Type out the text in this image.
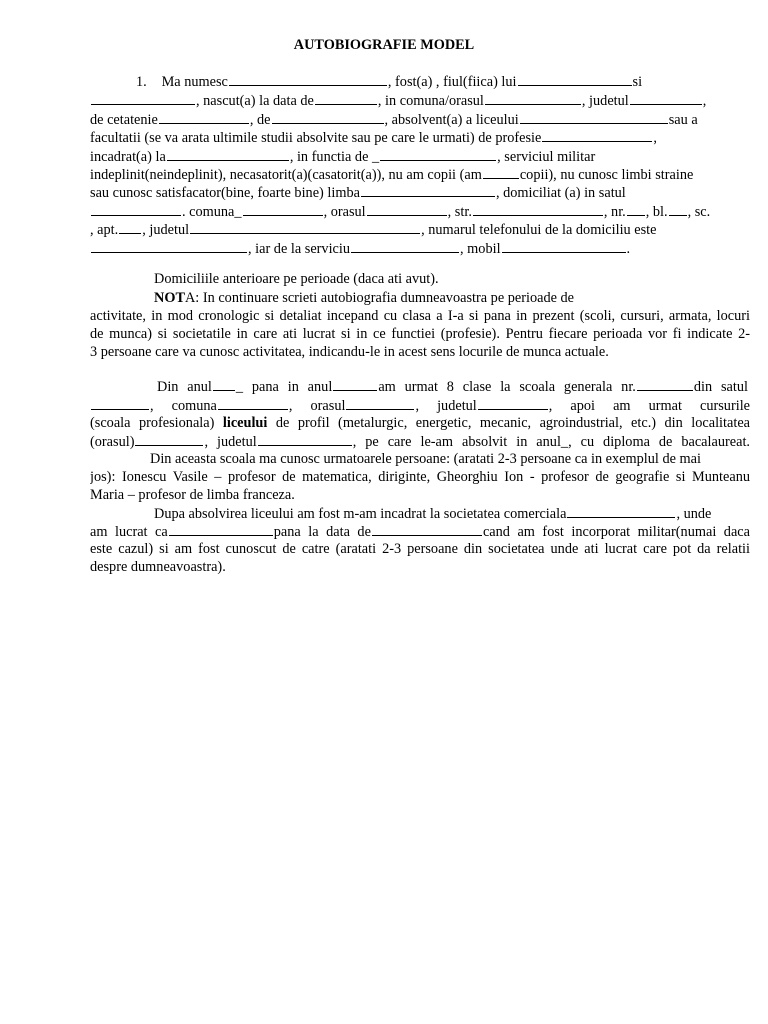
AUTOBIOGRAFIE MODEL
1. Ma numesc	, fost(a) , fiul(fiica) lui	si
, nascut(a) la data de	, in comuna/orasul	, judetul	,
de cetatenie	, de	, absolvent(a) a liceului	sau a
facultatii (se va arata ultimile studii absolvite sau pe care le urmati) de profesie	,
incadrat(a) la	, in functia de _	, serviciul militar
indeplinit(neindeplinit), necasatorit(a)(casatorit(a)), nu am copii (am	copii), nu cunosc limbi straine
sau cunosc satisfacator(bine, foarte bine) limba	, domiciliat (a) in satul
. comuna_	, orasul	, str.	, nr. , bl. , sc.
, apt. , judetul	, numarul telefonului de la domiciliu este
, iar de la serviciu	, mobil	.
Domiciliile anterioare pe perioade (daca ati avut).
NOTA: In continuare scrieti autobiografia dumneavoastra pe perioade de
activitate, in mod cronologic si detaliat incepand cu clasa a I-a si pana in prezent (scoli, cursuri, armata, locuri
de munca) si societatile in care ati lucrat si in ce functiei (profesie). Pentru fiecare perioada vor fi indicate 2-
3 persoane care va cunosc activitatea, indicandu-le in acest sens locurile de munca actuale.
Din anul _ pana in anul	am urmat 8 clase la scoala generala nr.	din satul
, comuna	, orasul	, judetul	, apoi am urmat cursurile
(scoala profesionala) liceului de profil (metalurgic, energetic, mecanic, agroindustrial, etc.) din localitatea
(orasul)	, judetul	, pe care le-am absolvit in anul_, cu diploma de bacalaureat.
Din aceasta scoala ma cunosc urmatoarele persoane: (aratati 2-3 persoane ca in exemplul de mai
jos): Ionescu Vasile – profesor de matematica, diriginte, Gheorghiu Ion - profesor de geografie si Munteanu
Maria – profesor de limba franceza.
Dupa absolvirea liceului am fost m-am incadrat la societatea comerciala	, unde
am lucrat ca	pana la data de	cand am fost incorporat militar(numai daca
este cazul) si am fost cunoscut de catre (aratati 2-3 persoane din societatea unde ati lucrat care pot da relatii
despre dumneavoastra).
